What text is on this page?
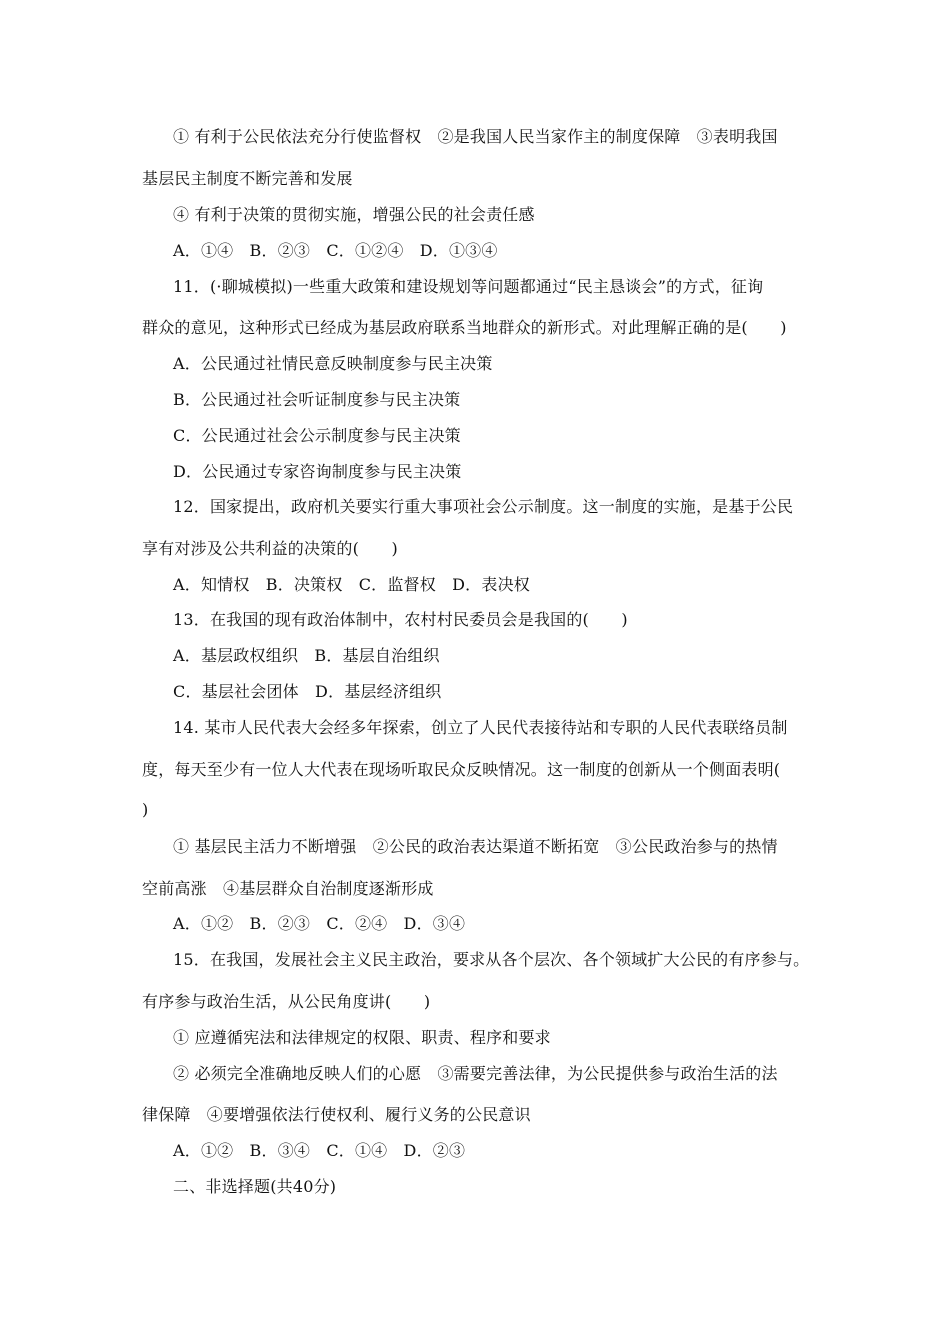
① 有利于公民依法充分行使监督权　②是我国人民当家作主的制度保障　③表明我国
基层民主制度不断完善和发展
④ 有利于决策的贯彻实施，增强公民的社会责任感
A．①④　B．②③　C．①②④　D．①③④
11．(·聊城模拟)一些重大政策和建设规划等问题都通过“民主恳谈会”的方式，征询
群众的意见，这种形式已经成为基层政府联系当地群众的新形式。对此理解正确的是(　　)
A．公民通过社情民意反映制度参与民主决策
B．公民通过社会听证制度参与民主决策
C．公民通过社会公示制度参与民主决策
D．公民通过专家咨询制度参与民主决策
12．国家提出，政府机关要实行重大事项社会公示制度。这一制度的实施，是基于公民
享有对涉及公共利益的决策的(　　)
A．知情权　B．决策权　C．监督权　D．表决权
13．在我国的现有政治体制中，农村村民委员会是我国的(　　)
A．基层政权组织　B．基层自治组织
C．基层社会团体　D．基层经济组织
14. 某市人民代表大会经多年探索，创立了人民代表接待站和专职的人民代表联络员制
度，每天至少有一位人大代表在现场听取民众反映情况。这一制度的创新从一个侧面表明(
)
① 基层民主活力不断增强　②公民的政治表达渠道不断拓宽　③公民政治参与的热情
空前高涨　④基层群众自治制度逐渐形成
A．①②　B．②③　C．②④　D．③④
15．在我国，发展社会主义民主政治，要求从各个层次、各个领域扩大公民的有序参与。
有序参与政治生活，从公民角度讲(　　)
① 应遵循宪法和法律规定的权限、职责、程序和要求
② 必须完全准确地反映人们的心愿　③需要完善法律，为公民提供参与政治生活的法
律保障　④要增强依法行使权利、履行义务的公民意识
A．①②　B．③④　C．①④　D．②③
二、非选择题(共40分)
